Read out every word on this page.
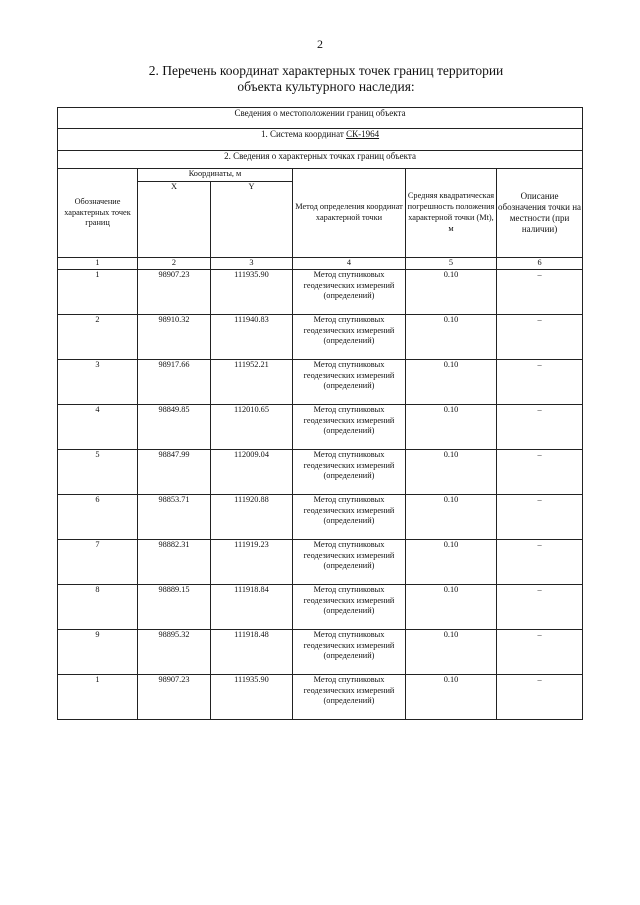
2
2. Перечень координат характерных точек границ территории
объекта культурного наследия:
Сведения о местоположении границ объекта					
1. Система координат СК-1964					
2. Сведения о характерных точках границ объекта					
Обозначение характерных точек границ	Координаты, м		Метод определения координат характерной точки	Средняя квадратическая погрешность положения характерной точки (Mt), м	Описание обозначения точки на местности (при наличии)
	X	Y			
1	2	3	4	5	6
1	98907.23	111935.90	Метод спутниковых геодезических измерений (определений)	0.10	–
2	98910.32	111940.83	Метод спутниковых геодезических измерений (определений)	0.10	–
3	98917.66	111952.21	Метод спутниковых геодезических измерений (определений)	0.10	–
4	98849.85	112010.65	Метод спутниковых геодезических измерений (определений)	0.10	–
5	98847.99	112009.04	Метод спутниковых геодезических измерений (определений)	0.10	–
6	98853.71	111920.88	Метод спутниковых геодезических измерений (определений)	0.10	–
7	98882.31	111919.23	Метод спутниковых геодезических измерений (определений)	0.10	–
8	98889.15	111918.84	Метод спутниковых геодезических измерений (определений)	0.10	–
9	98895.32	111918.48	Метод спутниковых геодезических измерений (определений)	0.10	–
1	98907.23	111935.90	Метод спутниковых геодезических измерений (определений)	0.10	–
